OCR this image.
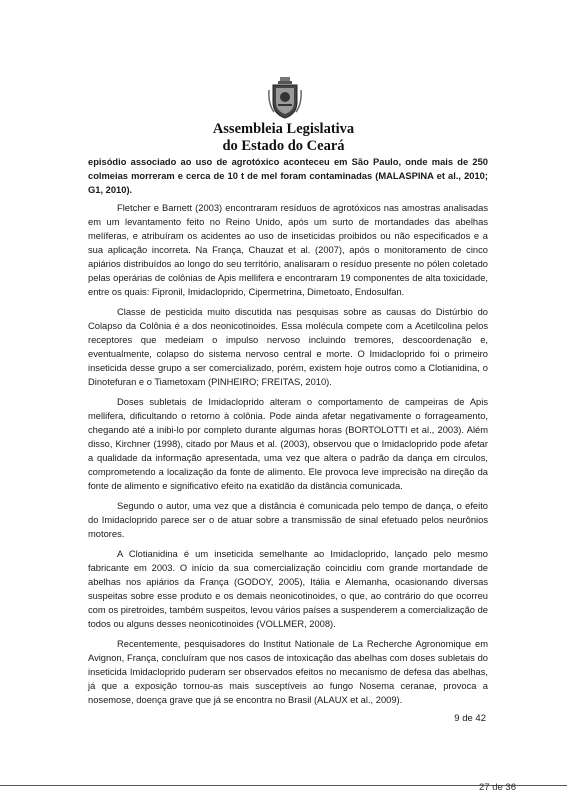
Assembleia Legislativa
do Estado do Ceará

episódio associado ao uso de agrotóxico aconteceu em São Paulo, onde mais de 250 colmeias morreram e cerca de 10 t de mel foram contaminadas (MALASPINA et al., 2010; G1, 2010).

Fletcher e Barnett (2003) encontraram resíduos de agrotóxicos nas amostras analisadas em um levantamento feito no Reino Unido, após um surto de mortandades das abelhas melíferas, e atribuíram os acidentes ao uso de inseticidas proibidos ou não especificados e a sua aplicação incorreta. Na França, Chauzat et al. (2007), após o monitoramento de cinco apiários distribuídos ao longo do seu território, analisaram o resíduo presente no pólen coletado pelas operárias de colônias de Apis mellifera e encontraram 19 componentes de alta toxicidade, entre os quais: Fipronil, Imidacloprido, Cipermetrina, Dimetoato, Endosulfan.

Classe de pesticida muito discutida nas pesquisas sobre as causas do Distúrbio do Colapso da Colônia é a dos neonicotinoides. Essa molécula compete com a Acetilcolina pelos receptores que medeiam o impulso nervoso incluindo tremores, descoordenação e, eventualmente, colapso do sistema nervoso central e morte. O Imidacloprido foi o primeiro inseticida desse grupo a ser comercializado, porém, existem hoje outros como a Clotianidina, o Dinotefuran e o Tiametoxam (PINHEIRO; FREITAS, 2010).

Doses subletais de Imidacloprido alteram o comportamento de campeiras de Apis mellifera, dificultando o retorno à colônia. Pode ainda afetar negativamente o forrageamento, chegando até a inibi-lo por completo durante algumas horas (BORTOLOTTI et al., 2003). Além disso, Kirchner (1998), citado por Maus et al. (2003), observou que o Imidacloprido pode afetar a qualidade da informação apresentada, uma vez que altera o padrão da dança em círculos, comprometendo a localização da fonte de alimento. Ele provoca leve imprecisão na direção da fonte de alimento e significativo efeito na exatidão da distância comunicada.

Segundo o autor, uma vez que a distância é comunicada pelo tempo de dança, o efeito do Imidacloprido parece ser o de atuar sobre a transmissão de sinal efetuado pelos neurônios motores.

A Clotianidina é um inseticida semelhante ao Imidacloprido, lançado pelo mesmo fabricante em 2003. O início da sua comercialização coincidiu com grande mortandade de abelhas nos apiários da França (GODOY, 2005), Itália e Alemanha, ocasionando diversas suspeitas sobre esse produto e os demais neonicotinoides, o que, ao contrário do que ocorreu com os piretroides, também suspeitos, levou vários países a suspenderem a comercialização de todos ou alguns desses neonicotinoides (VOLLMER, 2008).

Recentemente, pesquisadores do Institut Nationale de La Recherche Agronomique em Avignon, França, concluíram que nos casos de intoxicação das abelhas com doses subletais do inseticida Imidacloprido puderam ser observados efeitos no mecanismo de defesa das abelhas, já que a exposição tornou-as mais susceptíveis ao fungo Nosema ceranae, provoca a nosemose, doença grave que já se encontra no Brasil (ALAUX et al., 2009).

9 de 42
27 de 36
